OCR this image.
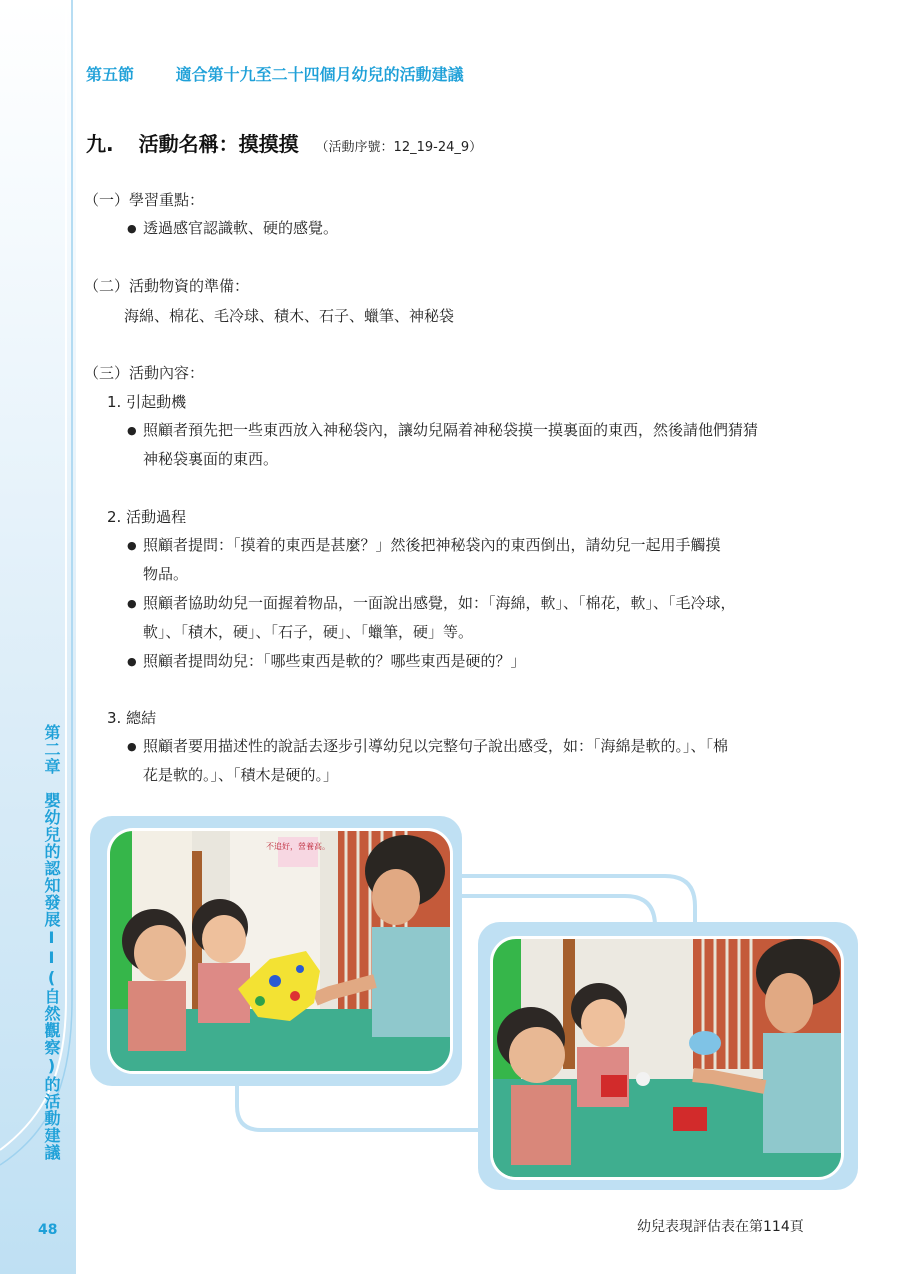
第二章　嬰幼兒的認知發展II(自然觀察)的活動建議
48
第五節	適合第十九至二十四個月幼兒的活動建議
九. 活動名稱：摸摸摸 （活動序號：12_19-24_9）
（一）學習重點：
● 透過感官認識軟、硬的感覺。
（二）活動物資的準備：
海綿、棉花、毛冷球、積木、石子、蠟筆、神秘袋
（三）活動內容：
1. 引起動機
● 照顧者預先把一些東西放入神秘袋內，讓幼兒隔着神秘袋摸一摸裏面的東西，然後請他們猜猜
神秘袋裏面的東西。
2. 活動過程
● 照顧者提問：「摸着的東西是甚麼？」然後把神秘袋內的東西倒出，請幼兒一起用手觸摸
物品。
● 照顧者協助幼兒一面握着物品，一面說出感覺，如：「海綿，軟」、「棉花，軟」、「毛冷球，
軟」、「積木，硬」、「石子，硬」、「蠟筆，硬」等。
● 照顧者提問幼兒：「哪些東西是軟的？哪些東西是硬的？」
3. 總結
● 照顧者要用描述性的說話去逐步引導幼兒以完整句子說出感受，如：「海綿是軟的。」、「棉
花是軟的。」、「積木是硬的。」
不追好，營養高。
幼兒表現評估表在第114頁
